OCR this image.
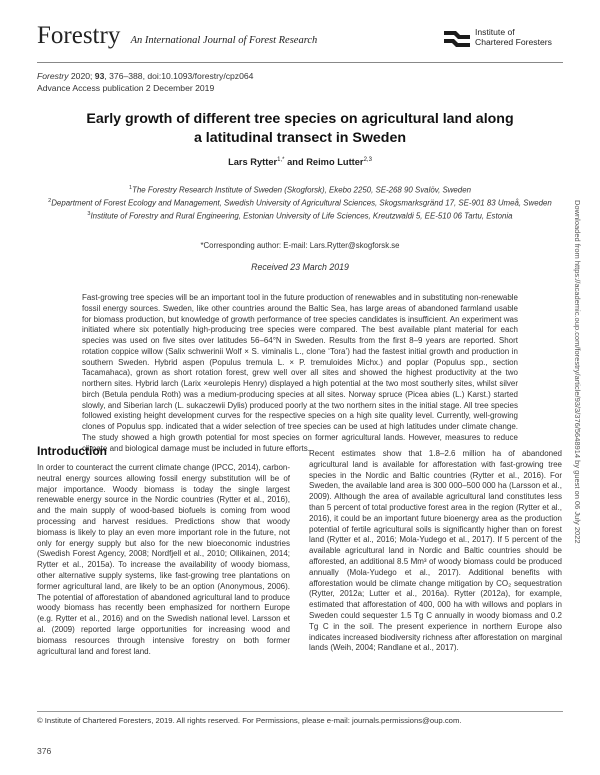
Forestry An International Journal of Forest Research
Institute of
Chartered Foresters
Forestry 2020; 93, 376–388, doi:10.1093/forestry/cpz064
Advance Access publication 2 December 2019
Early growth of different tree species on agricultural land along
a latitudinal transect in Sweden
Lars Rytter$^{1,*}$ and Reimo Lutter$^{2,3}$

$^1$The Forestry Research Institute of Sweden (Skogforsk), Ekebo 2250, SE-268 90 Svalöv, Sweden

$^2$Department of Forest Ecology and Management, Swedish University of Agricultural Sciences, Skogsmarksgränd 17, SE-901 83 Umeå, Sweden

$^3$Institute of Forestry and Rural Engineering, Estonian University of Life Sciences, Kreutzwaldi 5, EE-510 06 Tartu, Estonia

*Corresponding author: E-mail: Lars.Rytter@skogforsk.se
Received 23 March 2019

Fast-growing tree species will be an important tool in the future production of renewables and in substituting non-renewable fossil energy sources. Sweden, like other countries around the Baltic Sea, has large areas of abandoned farmland usable for biomass production, but knowledge of growth performance of tree species candidates is insufficient. An experiment was initiated where six potentially high-producing tree species were compared. The best available plant material for each species was used on five sites over latitudes 56–64°N in Sweden. Results from the first 8–9 years are reported. Short rotation coppice willow (Salix schwerinii Wolf × S. viminalis L., clone ‘Tora’) had the fastest initial growth and production in southern Sweden. Hybrid aspen (Populus tremula L. × P. tremuloides Michx.) and poplar (Populus spp., section Tacamahaca), grown as short rotation forest, grew well over all sites and showed the highest productivity at the two northern sites. Hybrid larch (Larix ×eurolepis Henry) displayed a high potential at the two most southerly sites, whilst silver birch (Betula pendula Roth) was a medium-producing species at all sites. Norway spruce (Picea abies (L.) Karst.) started slowly, and Siberian larch (L. sukaczewii Dylis) produced poorly at the two northern sites in the initial stage. All tree species followed existing height development curves for the respective species on a high site quality level. Currently, well-growing clones of Populus spp. indicated that a wider selection of tree species can be used at high latitudes under climate change. The study showed a high growth potential for most species on former agricultural lands. However, measures to reduce climate and biological damage must be included in future efforts.

Introduction

In order to counteract the current climate change (IPCC, 2014), carbon-neutral energy sources allowing fossil energy substitution will be of major importance. Woody biomass is today the single largest renewable energy source in the Nordic countries (Rytter et al., 2016), and the main supply of wood-based biofuels is coming from wood processing and harvest residues. Predictions show that woody biomass is likely to play an even more important role in the future, not only for energy supply but also for the new bioeconomic industries (Swedish Forest Agency, 2008; Nordfjell et al., 2010; Ollikainen, 2014; Rytter et al., 2015a). To increase the availability of woody biomass, other alternative supply systems, like fast-growing tree plantations on former agricultural land, are likely to be an option (Anonymous, 2006). The potential of afforestation of abandoned agricultural land to produce woody biomass has recently been emphasized for northern Europe (e.g. Rytter et al., 2016) and on the Swedish national level. Larsson et al. (2009) reported large opportunities for increasing wood and biomass resources through intensive forestry on both former agricultural land and forest land.

Recent estimates show that 1.8–2.6 million ha of abandoned agricultural land is available for afforestation with fast-growing tree species in the Nordic and Baltic countries (Rytter et al., 2016). For Sweden, the available land area is 300 000–500 000 ha (Larsson et al., 2009). Although the area of available agricultural land constitutes less than 5 percent of total productive forest area in the region (Rytter et al., 2016), it could be an important future bioenergy area as the production potential of fertile agricultural soils is significantly higher than on forest land (Rytter et al., 2016; Mola-Yudego et al., 2017). If 5 percent of the available agricultural land in Nordic and Baltic countries should be afforested, an additional 8.5 Mm³ of woody biomass could be produced annually (Mola-Yudego et al., 2017). Additional benefits with afforestation would be climate change mitigation by CO₂ sequestration (Rytter, 2012a; Lutter et al., 2016a). Rytter (2012a), for example, estimated that afforestation of 400, 000 ha with willows and poplars in Sweden could sequester 1.5 Tg C annually in woody biomass and 0.2 Tg C in the soil. The present experience in northern Europe also indicates increased biodiversity richness after afforestation on marginal lands (Weih, 2004; Randlane et al., 2017).

© Institute of Chartered Foresters, 2019. All rights reserved. For Permissions, please e-mail: journals.permissions@oup.com.
376
Downloaded from https://academic.oup.com/forestry/article/93/3/376/5648914 by guest on 06 July 2022
